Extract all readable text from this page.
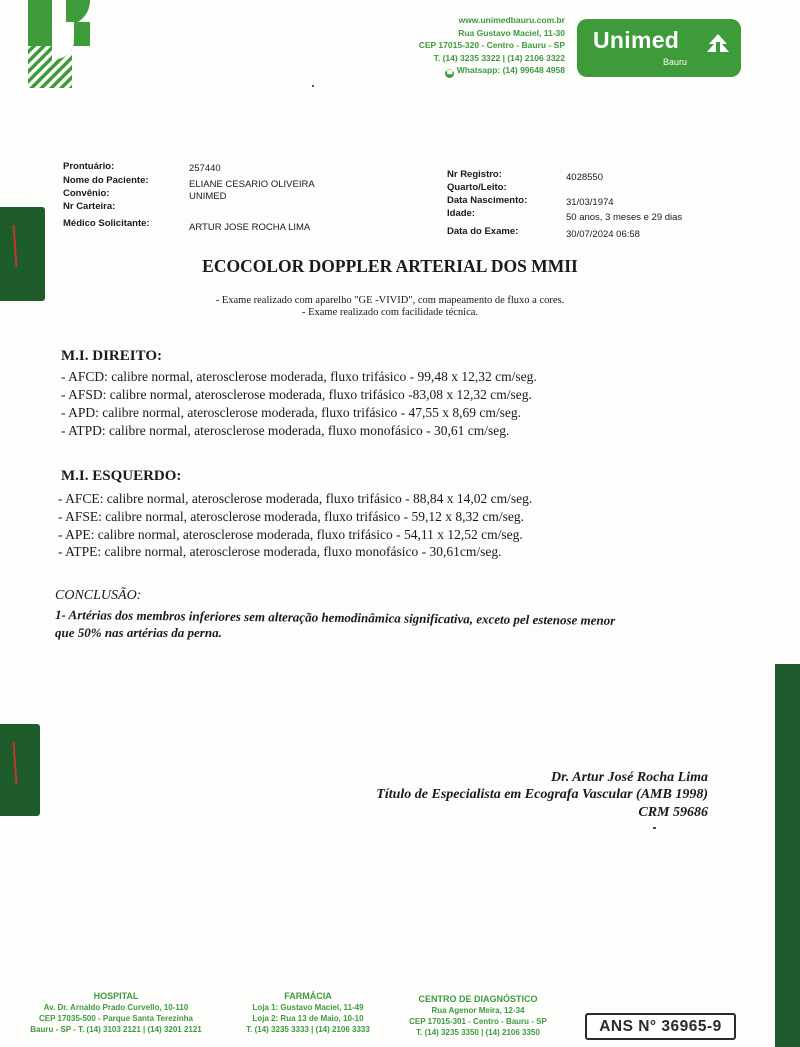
www.unimedbauru.com.br
Rua Gustavo Maciel, 11-30
CEP 17015-320 - Centro - Bauru - SP
T. (14) 3235 3322 | (14) 2106 3322
☎ Whatsapp: (14) 99648 4958
Unimed
Bauru
Prontuário:	257440
Nome do Paciente:	ELIANE CESARIO OLIVEIRA
Convênio:	UNIMED
Nr Carteira:
Médico Solicitante:	ARTUR JOSE ROCHA LIMA
Nr Registro:	4028550
Quarto/Leito:
Data Nascimento:	31/03/1974
Idade:	50 anos, 3 meses e 29 dias
Data do Exame:	30/07/2024 06:58
ECOCOLOR DOPPLER ARTERIAL DOS MMII
- Exame realizado com aparelho "GE -VIVID", com mapeamento de fluxo a cores.
- Exame realizado com facilidade técnica.
M.I. DIREITO:
- AFCD: calibre normal, aterosclerose moderada, fluxo trifásico - 99,48 x 12,32 cm/seg.
- AFSD: calibre normal, aterosclerose moderada, fluxo trifásico -83,08 x 12,32 cm/seg.
- APD: calibre normal, aterosclerose moderada, fluxo trifásico - 47,55 x 8,69 cm/seg.
- ATPD: calibre normal, aterosclerose moderada, fluxo monofásico - 30,61 cm/seg.
M.I. ESQUERDO:
- AFCE: calibre normal, aterosclerose moderada, fluxo trifásico - 88,84 x 14,02 cm/seg.
- AFSE: calibre normal, aterosclerose moderada, fluxo trifásico - 59,12 x 8,32 cm/seg.
- APE: calibre normal, aterosclerose moderada, fluxo trifásico - 54,11 x 12,52 cm/seg.
- ATPE: calibre normal, aterosclerose moderada, fluxo monofásico - 30,61cm/seg.
CONCLUSÃO:
1- Artérias dos membros inferiores sem alteração hemodinâmica significativa, exceto pel estenose menor
que 50% nas artérias da perna.
Dr. Artur José Rocha Lima
Título de Especialista em Ecografa Vascular (AMB 1998)
CRM 59686
HOSPITAL
Av. Dr. Arnaldo Prado Curvello, 10-110
CEP 17035-500 - Parque Santa Terezinha
Bauru - SP - T. (14) 3103 2121 | (14) 3201 2121
FARMÁCIA
Loja 1: Gustavo Maciel, 11-49
Loja 2: Rua 13 de Maio, 10-10
T. (14) 3235 3333 | (14) 2106 3333
CENTRO DE DIAGNÓSTICO
Rua Agenor Meira, 12-34
CEP 17015-301 - Centro - Bauru - SP
T. (14) 3235 3350 | (14) 2106 3350	ANS N° 36965-9
